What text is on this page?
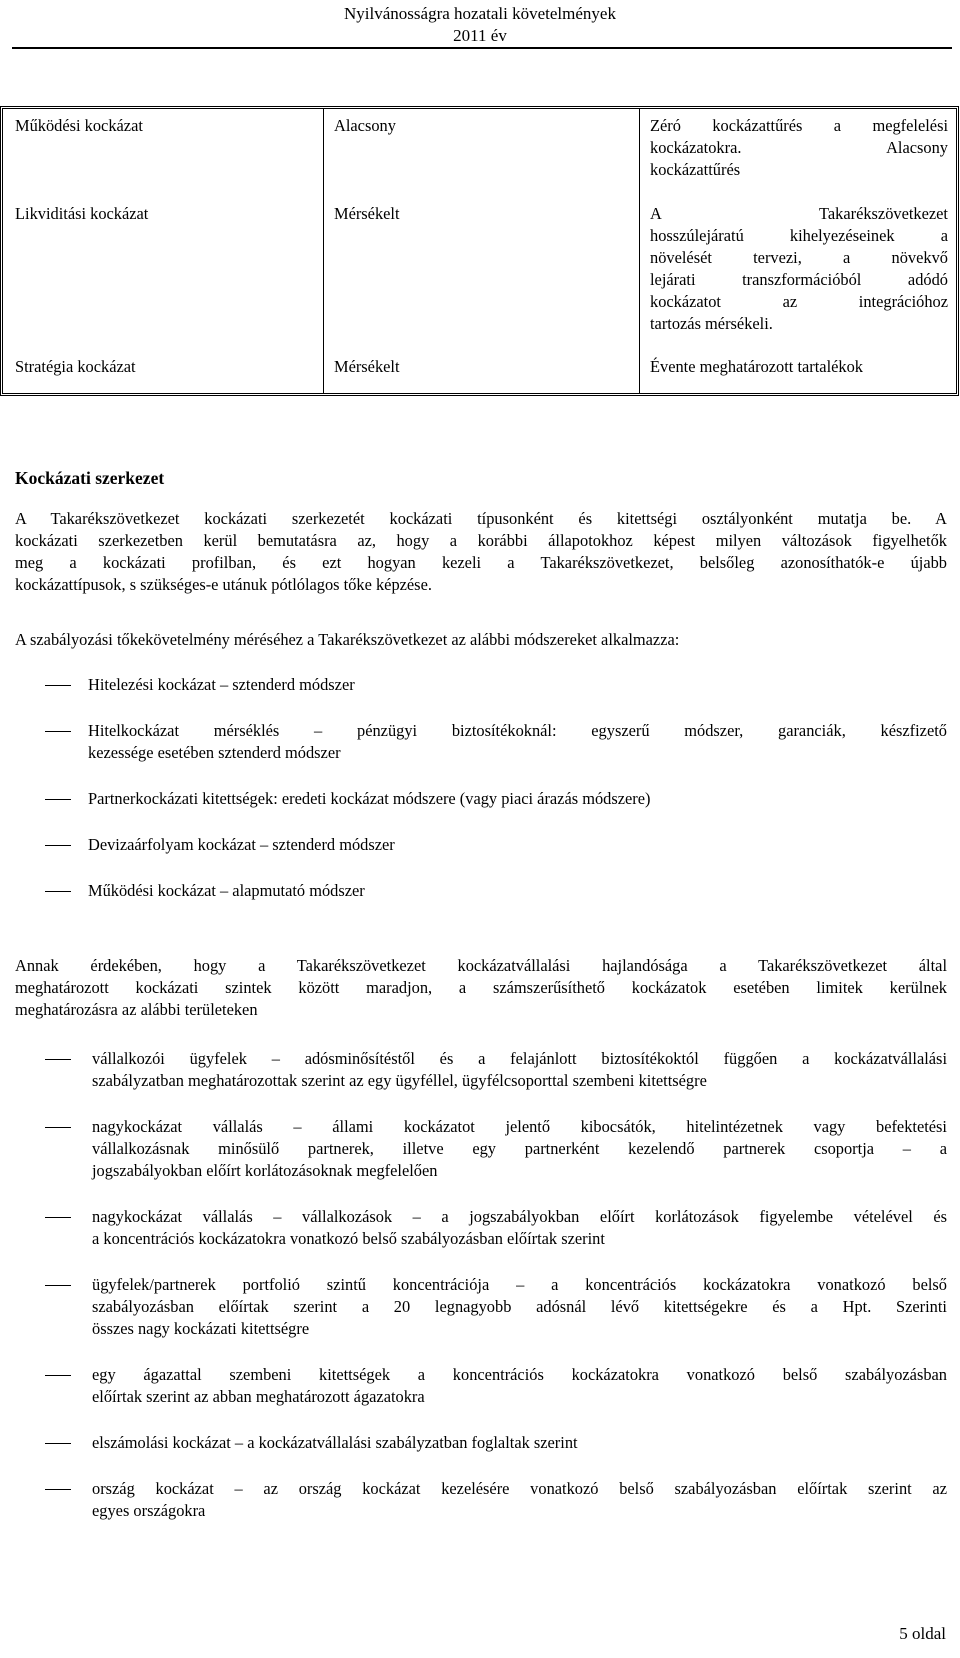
Nyilvánosságra hozatali követelmények
2011 év
Működési kockázat	Alacsony	Zéró kockázattűrés a megfelelési
kockázatokra. Alacsony
kockázattűrés
Likviditási kockázat	Mérsékelt	A Takarékszövetkezet
hosszúlejáratú kihelyezéseinek a
növelését tervezi, a növekvő
lejárati transzformációból adódó
kockázatot az integrációhoz
tartozás mérsékeli.
Stratégia kockázat	Mérsékelt	Évente meghatározott tartalékok
Kockázati szerkezet
A Takarékszövetkezet kockázati szerkezetét kockázati típusonként és kitettségi osztályonként mutatja be. A
kockázati szerkezetben kerül bemutatásra az, hogy a korábbi állapotokhoz képest milyen változások figyelhetők
meg a kockázati profilban, és ezt hogyan kezeli a Takarékszövetkezet, belsőleg azonosíthatók-e újabb
kockázattípusok, s szükséges-e utánuk pótlólagos tőke képzése.
A szabályozási tőkekövetelmény méréséhez a Takarékszövetkezet az alábbi módszereket alkalmazza:
Hitelezési kockázat – sztenderd módszer
Hitelkockázat mérséklés – pénzügyi biztosítékoknál: egyszerű módszer, garanciák, készfizető
kezessége esetében sztenderd módszer
Partnerkockázati kitettségek: eredeti kockázat módszere (vagy piaci árazás módszere)
Devizaárfolyam kockázat – sztenderd módszer
Működési kockázat – alapmutató módszer
Annak érdekében, hogy a Takarékszövetkezet kockázatvállalási hajlandósága a Takarékszövetkezet által
meghatározott kockázati szintek között maradjon, a számszerűsíthető kockázatok esetében limitek kerülnek
meghatározásra az alábbi területeken
vállalkozói ügyfelek – adósminősítéstől és a felajánlott biztosítékoktól függően a kockázatvállalási
szabályzatban meghatározottak szerint az egy ügyféllel, ügyfélcsoporttal szembeni kitettségre
nagykockázat vállalás – állami kockázatot jelentő kibocsátók, hitelintézetnek vagy befektetési
vállalkozásnak minősülő partnerek, illetve egy partnerként kezelendő partnerek csoportja – a
jogszabályokban előírt korlátozásoknak megfelelően
nagykockázat vállalás – vállalkozások – a jogszabályokban előírt korlátozások figyelembe vételével és
a koncentrációs kockázatokra vonatkozó belső szabályozásban előírtak szerint
ügyfelek/partnerek portfolió szintű koncentrációja – a koncentrációs kockázatokra vonatkozó belső
szabályozásban előírtak szerint a 20 legnagyobb adósnál lévő kitettségekre és a Hpt. Szerinti
összes nagy kockázati kitettségre
egy ágazattal szembeni kitettségek a koncentrációs kockázatokra vonatkozó belső szabályozásban
előírtak szerint az abban meghatározott ágazatokra
elszámolási kockázat – a kockázatvállalási szabályzatban foglaltak szerint
ország kockázat – az ország kockázat kezelésére vonatkozó belső szabályozásban előírtak szerint az
egyes országokra
5 oldal
